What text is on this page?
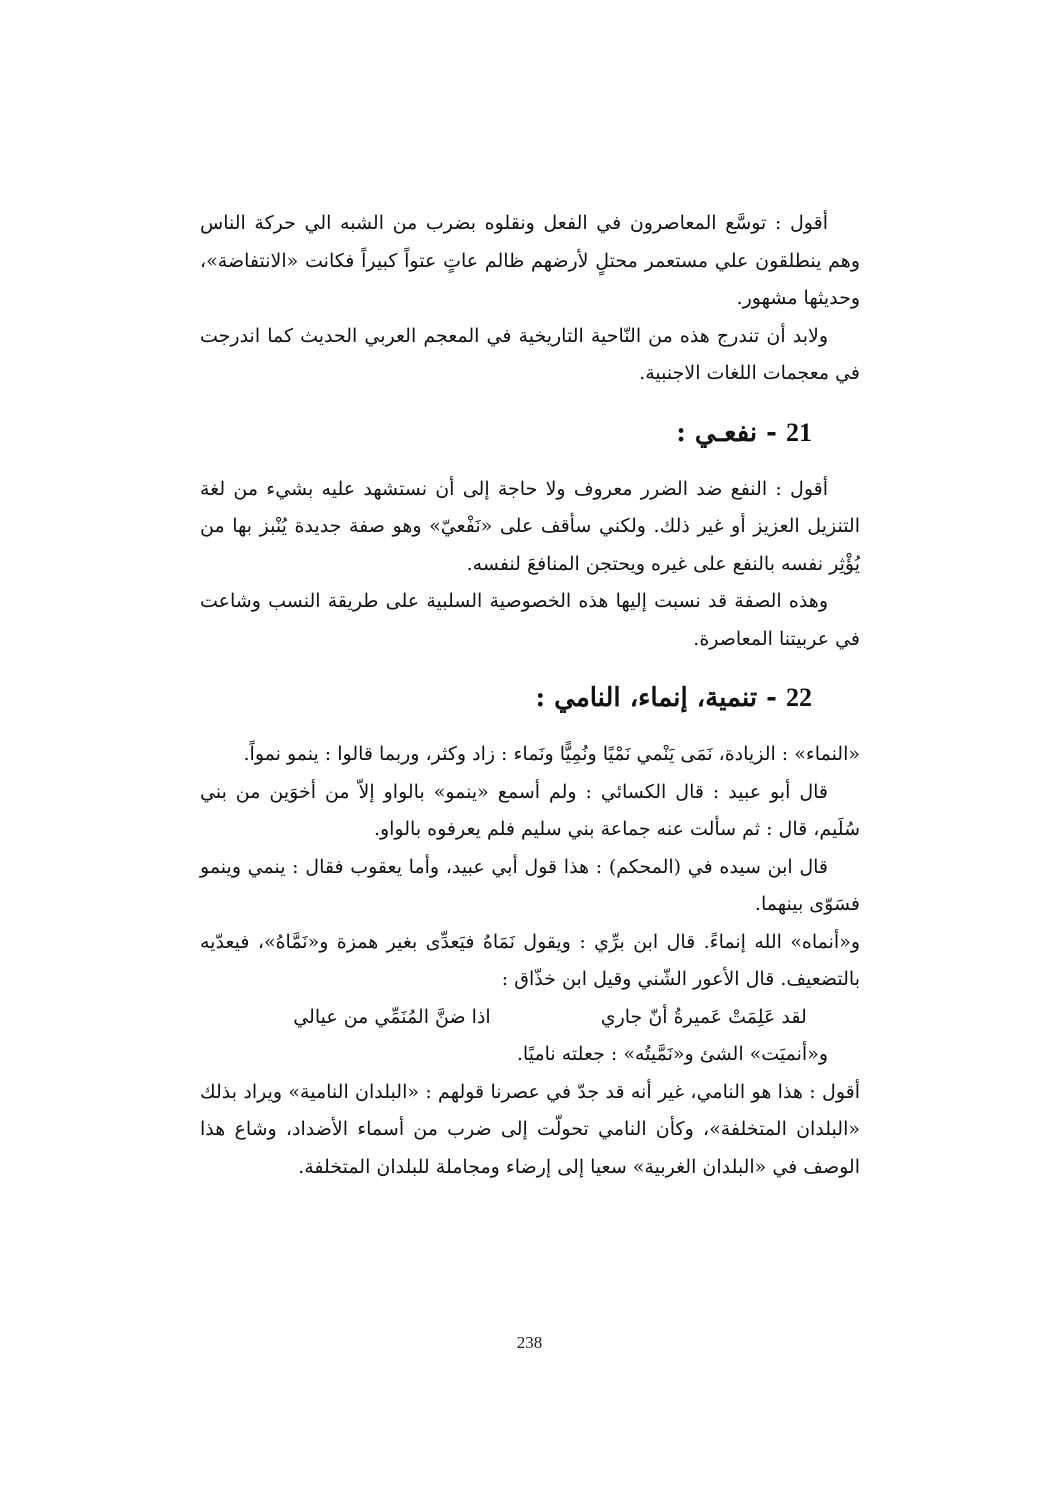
أقول : توسَّع المعاصرون في الفعل ونقلوه بضرب من الشبه الي حركة الناس وهم ينطلقون علي مستعمر محتلٍ لأرضهم ظالم عاتٍ عتواً كبيراً فكانت «الانتفاضة»، وحديثها مشهور.

ولابد أن تندرج هذه من النّاحية التاريخية في المعجم العربي الحديث كما اندرجت في معجمات اللغات الاجنبية.

21 - نفعـي :

أقول : النفع ضد الضرر معروف ولا حاجة إلى أن نستشهد عليه بشيء من لغة التنزيل العزيز أو غير ذلك. ولكني سأقف على «نَفْعيّ» وهو صفة جديدة يُنْبز بها من يُؤْثِر نفسه بالنفع على غيره ويحتجن المنافعَ لنفسه.

وهذه الصفة قد نسبت إليها هذه الخصوصية السلبية على طريقة النسب وشاعت في عربيتنا المعاصرة.

22 - تنمية، إنماء، النامي :

«النماء» : الزيادة، نَمَى يَنْمي نَمْيًا ونُمِيًّا ونَماء : زاد وكثر، وربما قالوا : ينمو نمواً.

قال أبو عبيد : قال الكسائي : ولم أسمع «ينمو» بالواو إلاّ من أخوَين من بني سُلَيم، قال : ثم سألت عنه جماعة بني سليم فلم يعرفوه بالواو.

قال ابن سيده في (المحكم) : هذا قول أبي عبيد، وأما يعقوب فقال : ينمي وينمو فسَوّى بينهما.

و«أنماه» الله إنماءً. قال ابن برِّي : ويقول نَمَاهُ فيَعدِّى بغير همزة و«نَمَّاهُ»، فيعدّيه بالتضعيف. قال الأعور الشّني وقيل ابن خذّاق :

لقد عَلِمَتْ عَميرةُ أنّ جاري
اذا ضنَّ المُنَمِّي من عيالي

و«أنميَت» الشئ و«نَمَّيتُه» : جعلته ناميًا.

أقول : هذا هو النامي، غير أنه قد جدّ في عصرنا قولهم : «البلدان النامية» ويراد بذلك «البلدان المتخلفة»، وكأن النامي تحولّت إلى ضرب من أسماء الأضداد، وشاع هذا الوصف في «البلدان الغربية» سعيا إلى إرضاء ومجاملة للبلدان المتخلفة.

238
